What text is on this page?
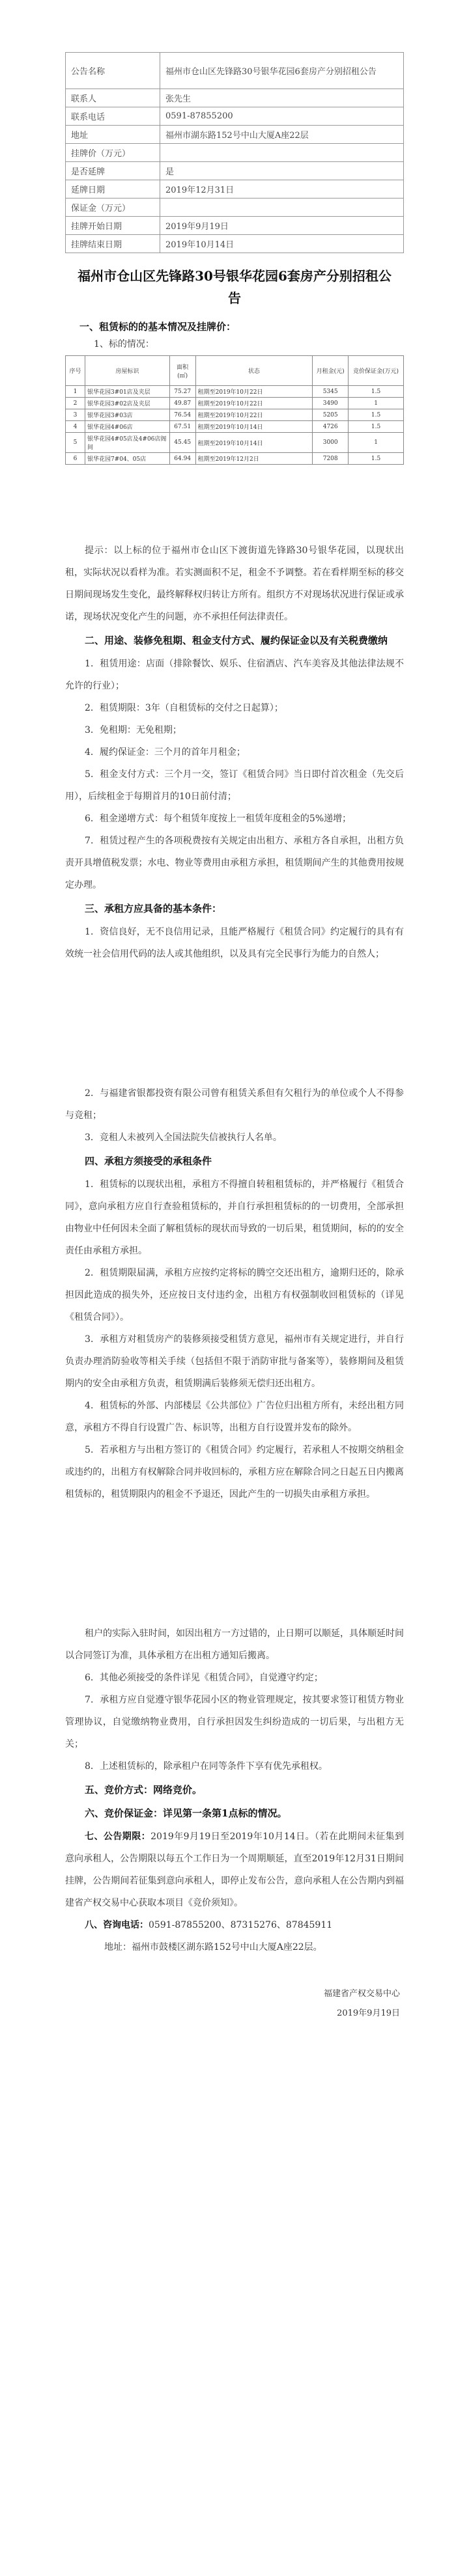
公告名称	福州市仓山区先锋路30号银华花园6套房产分别招租公告
联系人	张先生
联系电话	0591-87855200
地址	福州市湖东路152号中山大厦A座22层
挂牌价（万元）	
是否延牌	是
延牌日期	2019年12月31日
保证金（万元）	
挂牌开始日期	2019年9月19日
挂牌结束日期	2019年10月14日
福州市仓山区先锋路30号银华花园6套房产分别招租公告
一、租赁标的的基本情况及挂牌价：
1、标的情况：
序号	房屋标识	面积(㎡)	状态	月租金(元)	竞价保证金(万元)
1	银华花园3#01店及夹层	75.27	租期至2019年10月22日	5345	1.5
2	银华花园3#02店及夹层	49.87	租期至2019年10月22日	3490	1
3	银华花园3#03店	76.54	租期至2019年10月22日	5205	1.5
4	银华花园4#06店	67.51	租期至2019年10月14日	4726	1.5
5	银华花园4#05店及4#06店阁间	45.45	租期至2019年10月14日	3000	1
6	银华花园7#04、05店	64.94	租期至2019年12月2日	7208	1.5

提示：以上标的位于福州市仓山区下渡街道先锋路30号银华花园，以现状出租，实际状况以看样为准。若实测面积不足，租金不予调整。若在看样期至标的移交日期间现场发生变化，最终解释权归转让方所有。组织方不对现场状况进行保证或承诺，现场状况变化产生的问题，亦不承担任何法律责任。

二、用途、装修免租期、租金支付方式、履约保证金以及有关税费缴纳

1．租赁用途：店面（排除餐饮、娱乐、住宿酒店、汽车美容及其他法律法规不允许的行业）；

2．租赁期限：3年（自租赁标的交付之日起算）；

3．免租期：无免租期；

4．履约保证金：三个月的首年月租金；

5．租金支付方式：三个月一交，签订《租赁合同》当日即付首次租金（先交后用），后续租金于每期首月的10日前付清；

6．租金递增方式：每个租赁年度按上一租赁年度租金的5%递增；

7．租赁过程产生的各项税费按有关规定由出租方、承租方各自承担，出租方负责开具增值税发票；水电、物业等费用由承租方承担，租赁期间产生的其他费用按规定办理。

三、承租方应具备的基本条件：

1．资信良好，无不良信用记录，且能严格履行《租赁合同》约定履行的具有有效统一社会信用代码的法人或其他组织，以及具有完全民事行为能力的自然人；

2．与福建省银都投资有限公司曾有租赁关系但有欠租行为的单位或个人不得参与竞租；

3．竞租人未被列入全国法院失信被执行人名单。

四、承租方须接受的承租条件

1．租赁标的以现状出租，承租方不得擅自转租租赁标的，并严格履行《租赁合同》，意向承租方应自行查验租赁标的，并自行承担租赁标的的一切费用，全部承担由物业中任何因未全面了解租赁标的现状而导致的一切后果，租赁期间，标的的安全责任由承租方承担。

2．租赁期限届满，承租方应按约定将标的腾空交还出租方，逾期归还的，除承担因此造成的损失外，还应按日支付违约金，出租方有权强制收回租赁标的（详见《租赁合同》）。

3．承租方对租赁房产的装修须接受租赁方意见，福州市有关规定进行，并自行负责办理消防验收等相关手续（包括但不限于消防审批与备案等），装修期间及租赁期内的安全由承租方负责，租赁期满后装修须无偿归还出租方。

4．租赁标的外部、内部楼层《公共部位》广告位归出租方所有，未经出租方同意，承租方不得自行设置广告、标识等，出租方自行设置并发布的除外。

5．若承租方与出租方签订的《租赁合同》约定履行，若承租人不按期交纳租金或违约的，出租方有权解除合同并收回标的，承租方应在解除合同之日起五日内搬离租赁标的，租赁期限内的租金不予退还，因此产生的一切损失由承租方承担。

租户的实际入驻时间，如因出租方一方过错的，止日期可以顺延，具体顺延时间以合同签订为准，具体承租方在出租方通知后搬离。

6．其他必须接受的条件详见《租赁合同》，自觉遵守约定；

7．承租方应自觉遵守银华花园小区的物业管理规定，按其要求签订租赁方物业管理协议，自觉缴纳物业费用，自行承担因发生纠纷造成的一切后果，与出租方无关；

8．上述租赁标的，除承租户在同等条件下享有优先承租权。

五、竞价方式：网络竞价。

六、竞价保证金：详见第一条第1点标的情况。

七、公告期限：2019年9月19日至2019年10月14日。（若在此期间未征集到意向承租人，公告期限以每五个工作日为一个周期顺延，直至2019年12月31日期间挂牌，公告期间若征集到意向承租人，即停止发布公告，意向承租人在公告期内到福建省产权交易中心获取本项目《竞价须知》。

八、咨询电话：0591-87855200、87315276、87845911

地址：福州市鼓楼区湖东路152号中山大厦A座22层。

福建省产权交易中心
2019年9月19日
